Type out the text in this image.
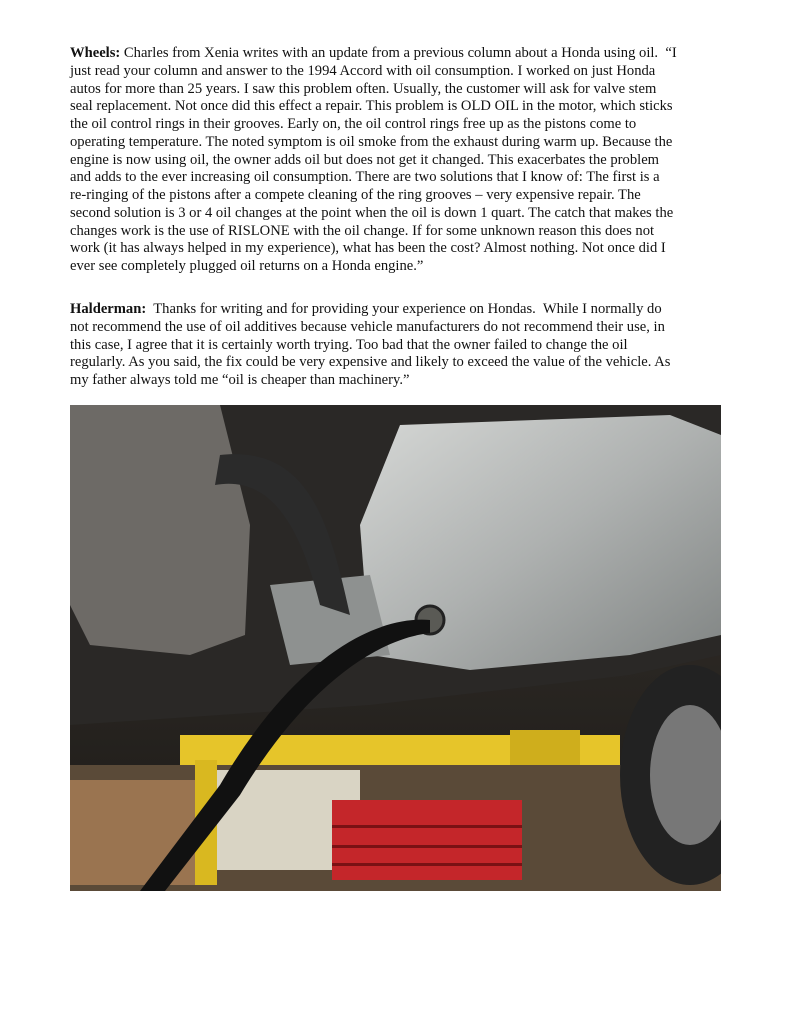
Wheels: Charles from Xenia writes with an update from a previous column about a Honda using oil.  “I
just read your column and answer to the 1994 Accord with oil consumption. I worked on just Honda
autos for more than 25 years. I saw this problem often. Usually, the customer will ask for valve stem
seal replacement. Not once did this effect a repair. This problem is OLD OIL in the motor, which sticks
the oil control rings in their grooves. Early on, the oil control rings free up as the pistons come to
operating temperature. The noted symptom is oil smoke from the exhaust during warm up. Because the
engine is now using oil, the owner adds oil but does not get it changed. This exacerbates the problem
and adds to the ever increasing oil consumption. There are two solutions that I know of: The first is a
re-ringing of the pistons after a compete cleaning of the ring grooves – very expensive repair. The
second solution is 3 or 4 oil changes at the point when the oil is down 1 quart. The catch that makes the
changes work is the use of RISLONE with the oil change. If for some unknown reason this does not
work (it has always helped in my experience), what has been the cost? Almost nothing. Not once did I
ever see completely plugged oil returns on a Honda engine.”
Halderman:  Thanks for writing and for providing your experience on Hondas.  While I normally do
not recommend the use of oil additives because vehicle manufacturers do not recommend their use, in
this case, I agree that it is certainly worth trying. Too bad that the owner failed to change the oil
regularly. As you said, the fix could be very expensive and likely to exceed the value of the vehicle. As
my father always told me “oil is cheaper than machinery.”
